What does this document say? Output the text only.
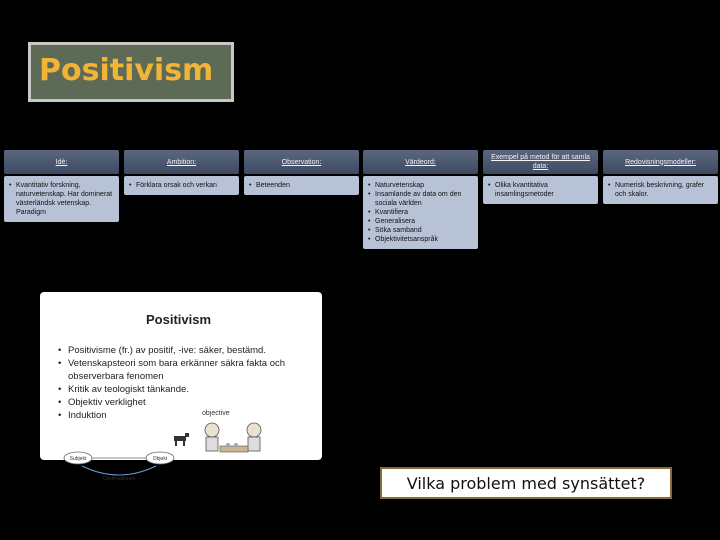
Positivism
Idé:
• Kvantitativ forskning, naturvetenskap. Har dominerat västerländsk vetenskap. Paradigm
Ambition:
• Förklara orsak och verkan
Observation:
• Beteenden
Värdeord:
• Naturvetenskap
• Insamlande av data om den sociala världen
• Kvantifiera
• Generalisera
• Söka samband
• Objektivitetsanspråk
Exempel på metod för att samla data:
• Olika kvantitativa insamlingsmetoder
Redovisningsmodeller:
• Numerisk beskrivning, grafer och skalor.
Positivism
• Positivisme (fr.) av positif, -ive: säker, bestämd.
• Vetenskapsteori som bara erkänner säkra fakta och observerbara fenomen
• Kritik av teologiskt tänkande.
• Objektiv verklighet
• Induktion	objective
Subjekt	Objekt
Observationen	Vilka problem med synsättet?
